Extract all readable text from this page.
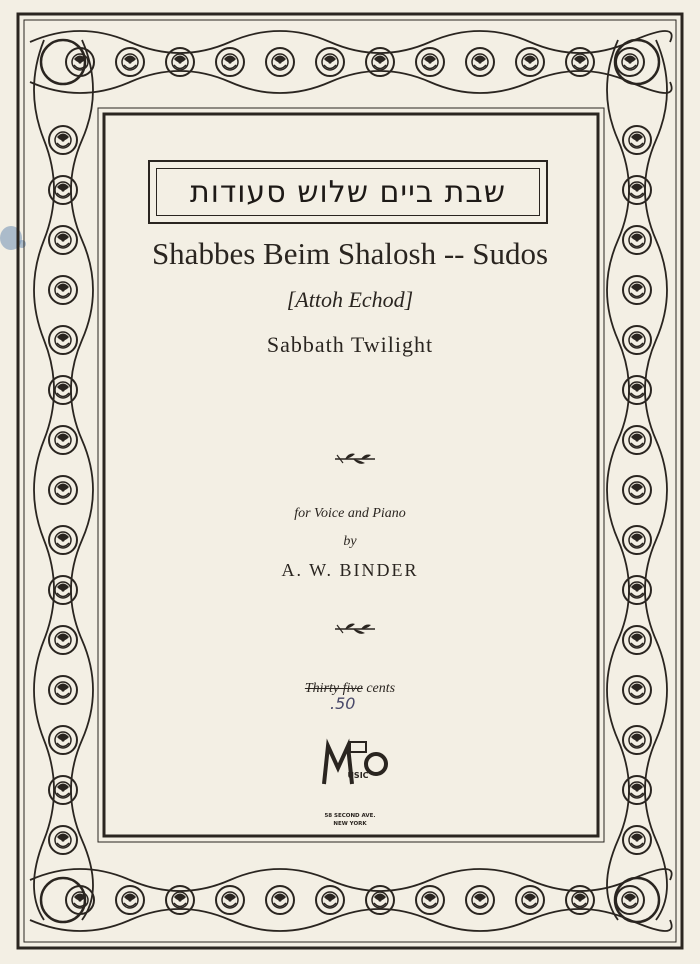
שבת ביים שלוש סעודות
Shabbes Beim Shalosh -- Sudos
[Attoh Echod]
Sabbath Twilight
for Voice and Piano
by
A. W. BINDER
Thirty five cents
.50
USIC
58 SECOND AVE.
NEW YORK
